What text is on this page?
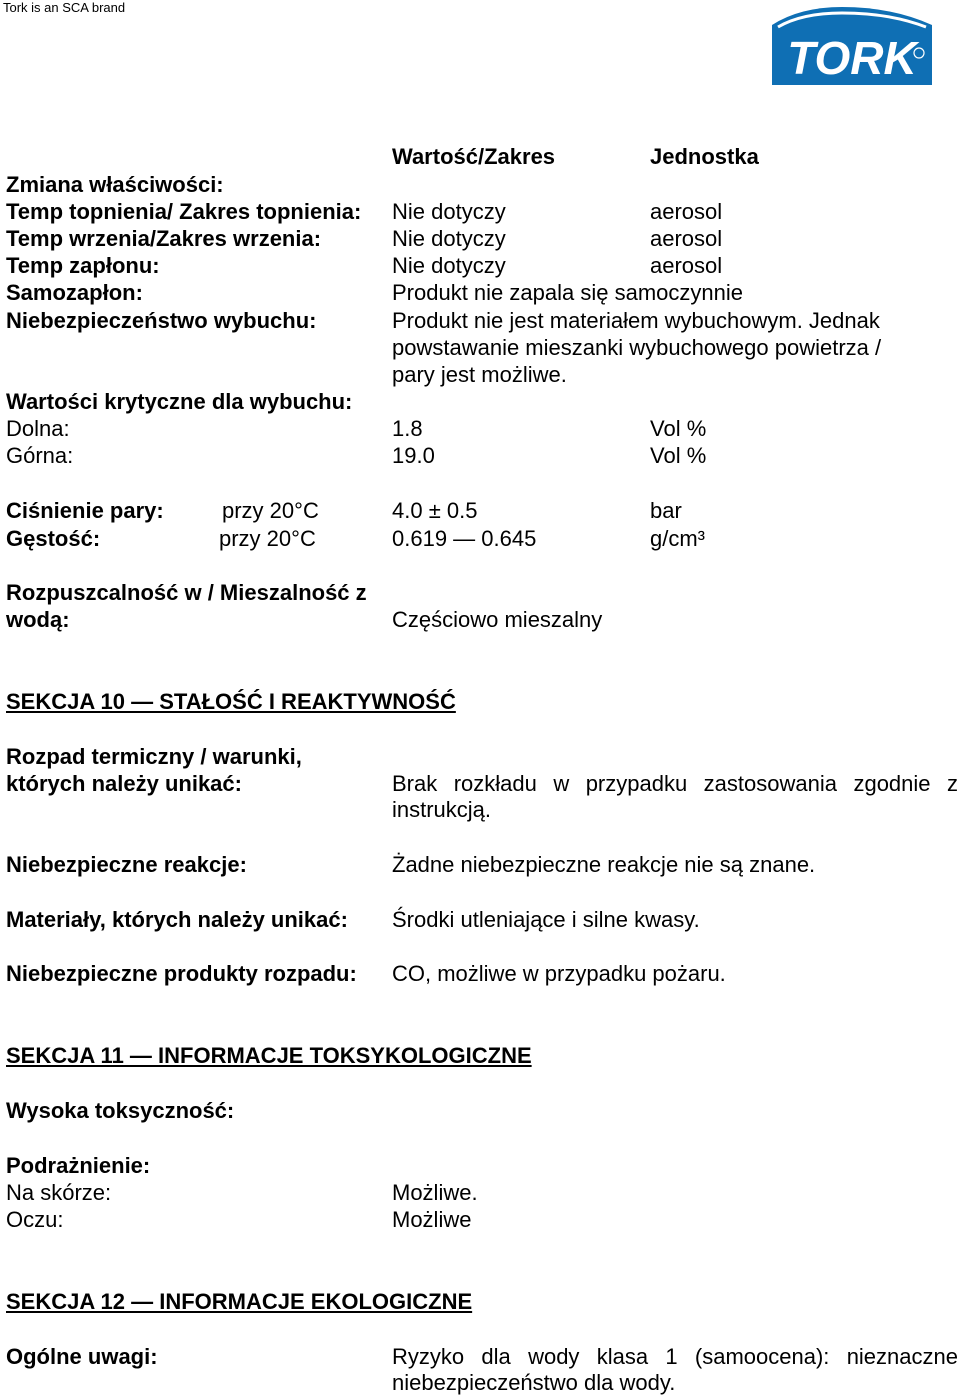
Tork is an SCA brand
TORK
Wartość/Zakres	Jednostka
Zmiana właściwości:
Temp topnienia/ Zakres topnienia: Nie dotyczy	aerosol
Temp wrzenia/Zakres wrzenia:	Nie dotyczy	aerosol
Temp zapłonu:	Nie dotyczy	aerosol
Samozapłon:	Produkt nie zapala się samoczynnie
Niebezpieczeństwo wybuchu:	Produkt nie jest materiałem wybuchowym. Jednak
powstawanie mieszanki wybuchowego powietrza /
pary jest możliwe.
Wartości krytyczne dla wybuchu:
Dolna:	1.8	Vol %
Górna:	19.0	Vol %
Ciśnienie pary:	przy 20°C	4.0 ± 0.5	bar
Gęstość:	przy 20°C	0.619 — 0.645	g/cm³
Rozpuszcalność w / Mieszalność z
wodą:	Częściowo mieszalny
SEKCJA 10 — STAŁOŚĆ I REAKTYWNOŚĆ
Rozpad termiczny / warunki,
których należy unikać:	Brak rozkładu w przypadku zastosowania zgodnie z instrukcją.
Niebezpieczne reakcje:	Żadne niebezpieczne reakcje nie są znane.
Materiały, których należy unikać: Środki utleniające i silne kwasy.
Niebezpieczne produkty rozpadu: CO, możliwe w przypadku pożaru.
SEKCJA 11 — INFORMACJE TOKSYKOLOGICZNE
Wysoka toksyczność:
Podrażnienie:
Na skórze:	Możliwe.
Oczu:	Możliwe
SEKCJA 12 — INFORMACJE EKOLOGICZNE
Ogólne uwagi:	Ryzyko dla wody klasa 1 (samoocena): nieznaczne niebezpieczeństwo dla wody.
